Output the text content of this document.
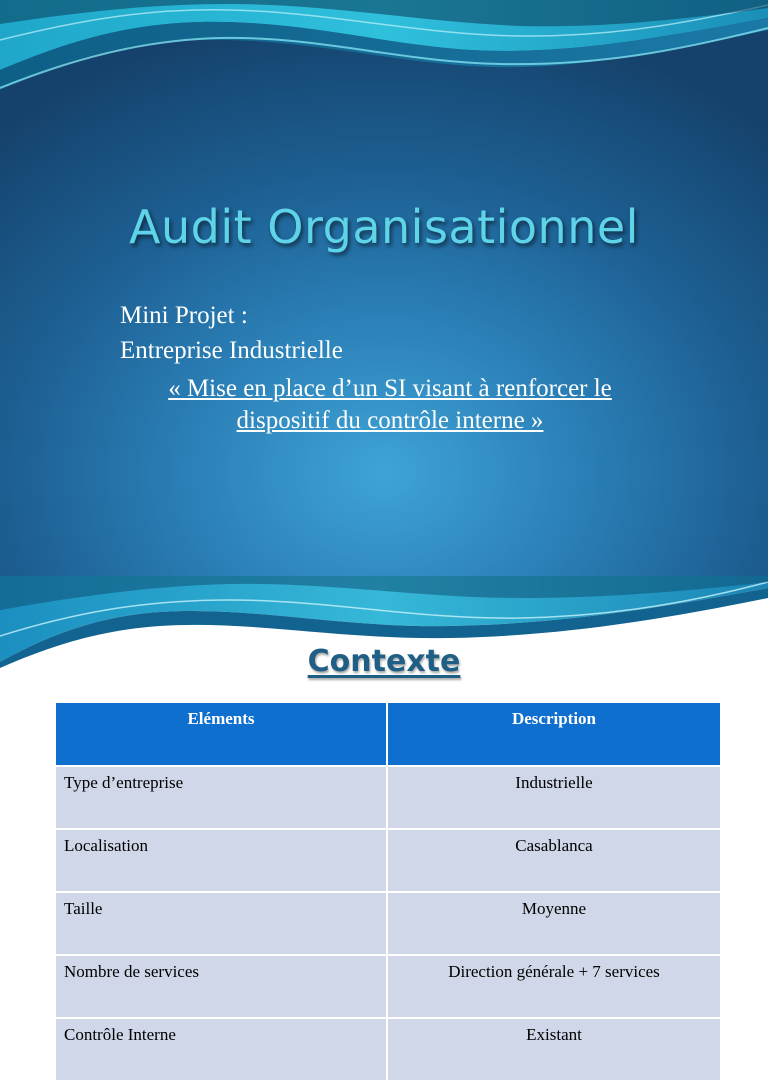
Audit Organisationnel
Mini Projet :
Entreprise Industrielle
« Mise en place d’un SI visant à renforcer le
dispositif du contrôle interne »
Contexte
Eléments	Description
Type d’entreprise	Industrielle
Localisation	Casablanca
Taille	Moyenne
Nombre de services	Direction générale + 7 services
Contrôle Interne	Existant
